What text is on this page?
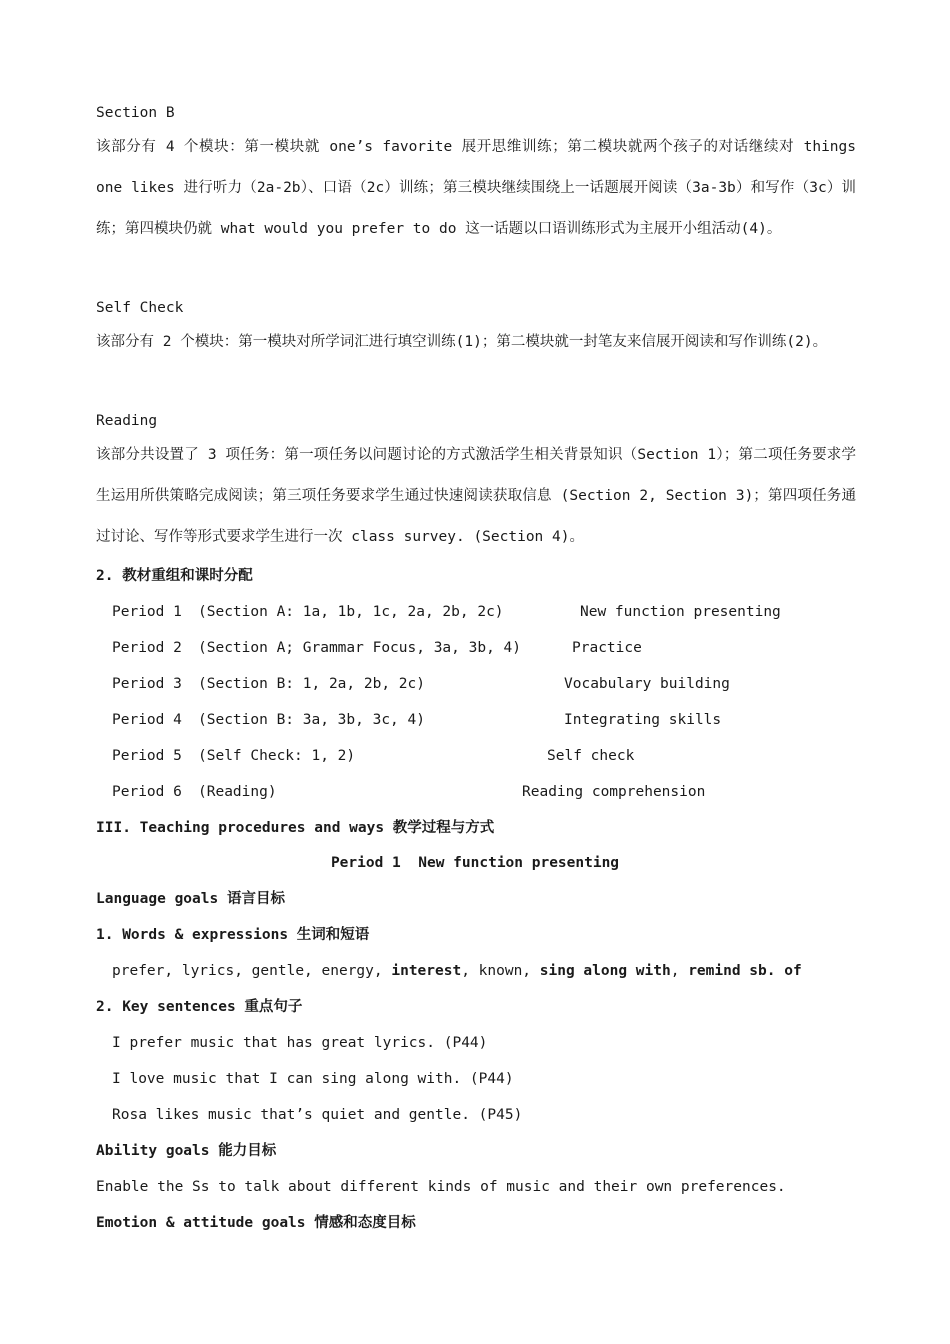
Section B
该部分有 4 个模块：第一模块就 one’s favorite 展开思维训练；第二模块就两个孩子的对话继续对 things one likes 进行听力（2a-2b）、口语（2c）训练；第三模块继续围绕上一话题展开阅读（3a-3b）和写作（3c）训练；第四模块仍就 what would you prefer to do 这一话题以口语训练形式为主展开小组活动(4)。
Self Check
该部分有 2 个模块：第一模块对所学词汇进行填空训练(1)；第二模块就一封笔友来信展开阅读和写作训练(2)。
Reading
该部分共设置了 3 项任务：第一项任务以问题讨论的方式激活学生相关背景知识（Section 1）；第二项任务要求学生运用所供策略完成阅读；第三项任务要求学生通过快速阅读获取信息 (Section 2, Section 3)；第四项任务通过讨论、写作等形式要求学生进行一次 class survey. (Section 4)。
2. 教材重组和课时分配
Period 1 (Section A: 1a, 1b, 1c, 2a, 2b, 2c)	New function presenting
Period 2 (Section A; Grammar Focus, 3a, 3b, 4)	Practice
Period 3 (Section B: 1, 2a, 2b, 2c)	Vocabulary building
Period 4 (Section B: 3a, 3b, 3c, 4)	Integrating skills
Period 5 (Self Check: 1, 2)	Self check
Period 6 (Reading)	Reading comprehension
III. Teaching procedures and ways 教学过程与方式
Period 1 New function presenting
Language goals 语言目标
1. Words & expressions 生词和短语
prefer, lyrics, gentle, energy, interest, known, sing along with, remind sb. of
2. Key sentences 重点句子
I prefer music that has great lyrics. (P44)
I love music that I can sing along with. (P44)
Rosa likes music that’s quiet and gentle. (P45)
Ability goals 能力目标
Enable the Ss to talk about different kinds of music and their own preferences.
Emotion & attitude goals 情感和态度目标
